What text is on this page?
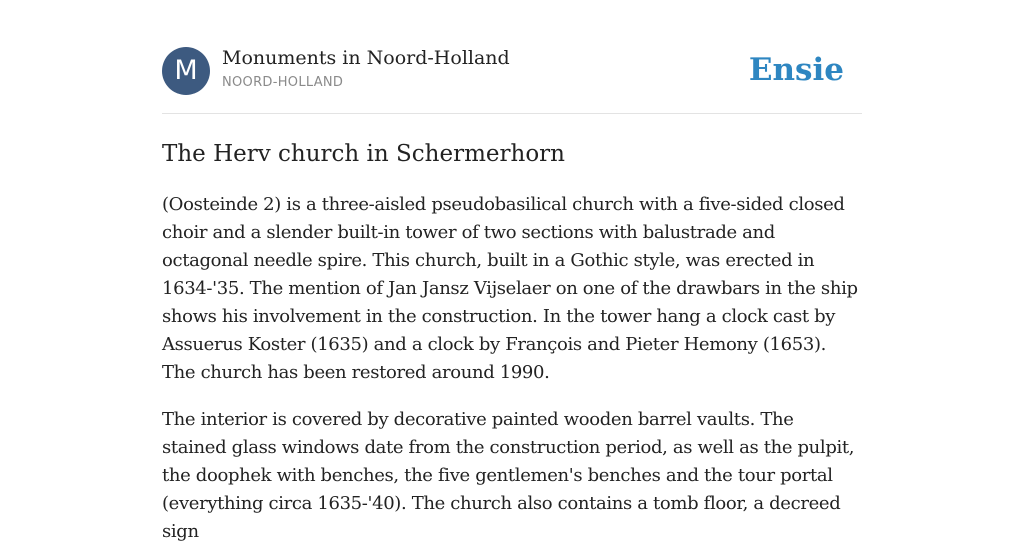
M	Monuments in Noord-Holland
NOORD-HOLLAND	Ensie
The Herv church in Schermerhorn

(Oosteinde 2) is a three-aisled pseudobasilical church with a five-sided closed choir and a slender built-in tower of two sections with balustrade and octagonal needle spire. This church, built in a Gothic style, was erected in 1634-'35. The mention of Jan Jansz Vijselaer on one of the drawbars in the ship shows his involvement in the construction. In the tower hang a clock cast by Assuerus Koster (1635) and a clock by François and Pieter Hemony (1653). The church has been restored around 1990.

The interior is covered by decorative painted wooden barrel vaults. The stained glass windows date from the construction period, as well as the pulpit, the doophek with benches, the five gentlemen's benches and the tour portal (everything circa 1635-'40). The church also contains a tomb floor, a decreed sign
